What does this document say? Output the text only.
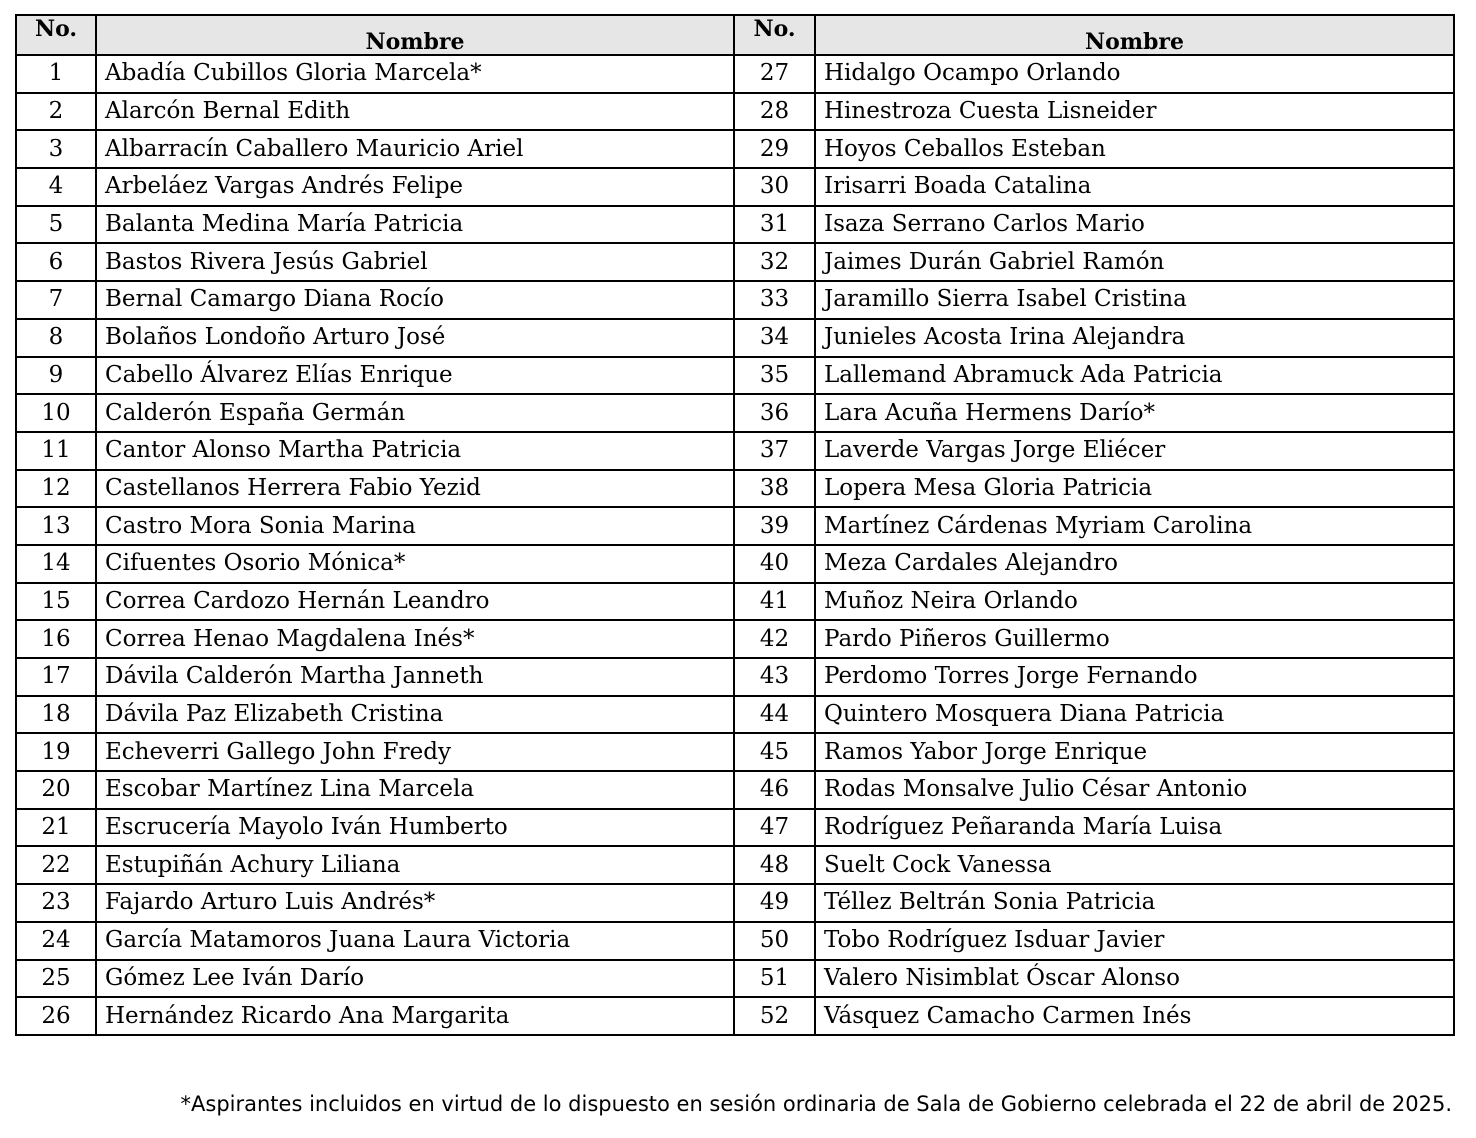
No.	Nombre	No.	Nombre
1	Abadía Cubillos Gloria Marcela*	27	Hidalgo Ocampo Orlando
2	Alarcón Bernal Edith	28	Hinestroza Cuesta Lisneider
3	Albarracín Caballero Mauricio Ariel	29	Hoyos Ceballos Esteban
4	Arbeláez Vargas Andrés Felipe	30	Irisarri Boada Catalina
5	Balanta Medina María Patricia	31	Isaza Serrano Carlos Mario
6	Bastos Rivera Jesús Gabriel	32	Jaimes Durán Gabriel Ramón
7	Bernal Camargo Diana Rocío	33	Jaramillo Sierra Isabel Cristina
8	Bolaños Londoño Arturo José	34	Junieles Acosta Irina Alejandra
9	Cabello Álvarez Elías Enrique	35	Lallemand Abramuck Ada Patricia
10	Calderón España Germán	36	Lara Acuña Hermens Darío*
11	Cantor Alonso Martha Patricia	37	Laverde Vargas Jorge Eliécer
12	Castellanos Herrera Fabio Yezid	38	Lopera Mesa Gloria Patricia
13	Castro Mora Sonia Marina	39	Martínez Cárdenas Myriam Carolina
14	Cifuentes Osorio Mónica*	40	Meza Cardales Alejandro
15	Correa Cardozo Hernán Leandro	41	Muñoz Neira Orlando
16	Correa Henao Magdalena Inés*	42	Pardo Piñeros Guillermo
17	Dávila Calderón Martha Janneth	43	Perdomo Torres Jorge Fernando
18	Dávila Paz Elizabeth Cristina	44	Quintero Mosquera Diana Patricia
19	Echeverri Gallego John Fredy	45	Ramos Yabor Jorge Enrique
20	Escobar Martínez Lina Marcela	46	Rodas Monsalve Julio César Antonio
21	Escrucería Mayolo Iván Humberto	47	Rodríguez Peñaranda María Luisa
22	Estupiñán Achury Liliana	48	Suelt Cock Vanessa
23	Fajardo Arturo Luis Andrés*	49	Téllez Beltrán Sonia Patricia
24	García Matamoros Juana Laura Victoria	50	Tobo Rodríguez Isduar Javier
25	Gómez Lee Iván Darío	51	Valero Nisimblat Óscar Alonso
26	Hernández Ricardo Ana Margarita	52	Vásquez Camacho Carmen Inés
*Aspirantes incluidos en virtud de lo dispuesto en sesión ordinaria de Sala de Gobierno celebrada el 22 de abril de 2025.
